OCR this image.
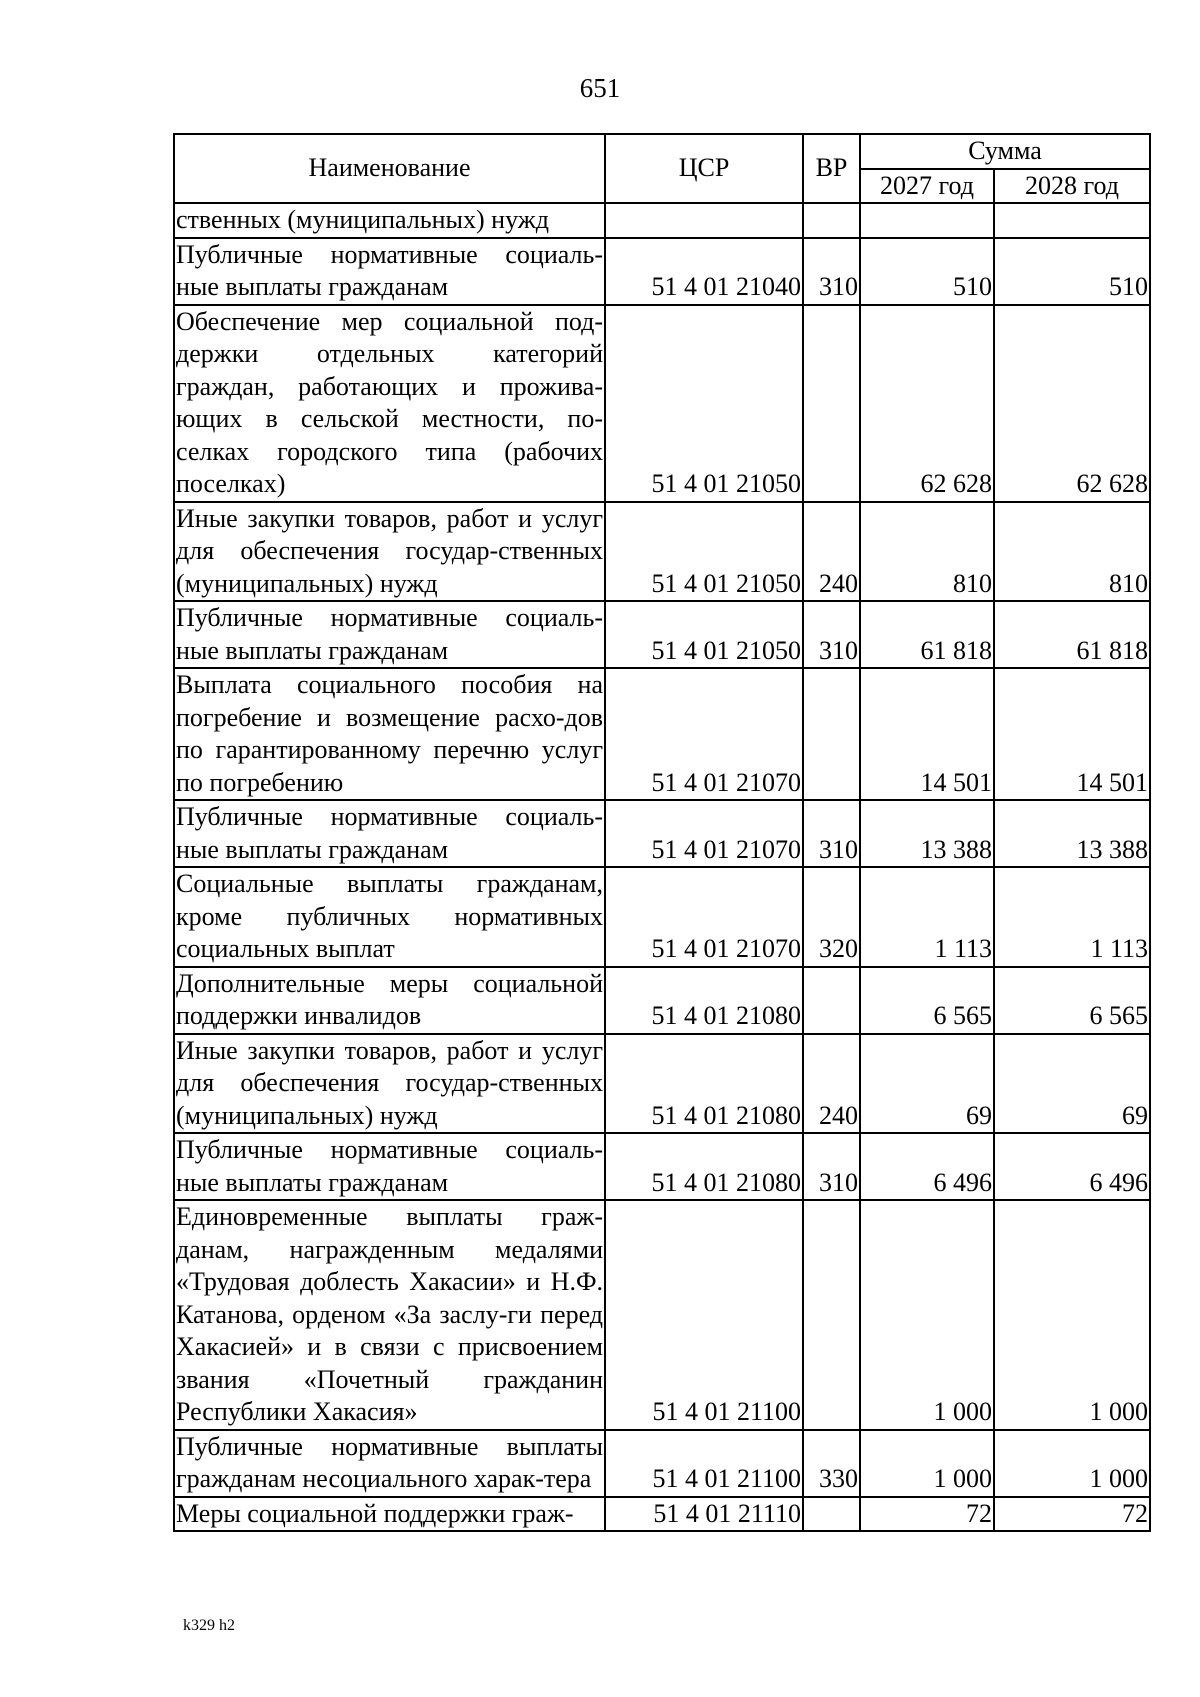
651
Наименование	ЦСР	ВР	Сумма	
			2027 год	2028 год
ственных (муниципальных) нужд				
Публичные нормативные социаль-ные выплаты гражданам	51 4 01 21040	310	510	510
Обеспечение мер социальной под-держки отдельных категорий граждан, работающих и прожива-ющих в сельской местности, по-селках городского типа (рабочих поселках)	51 4 01 21050		62 628	62 628
Иные закупки товаров, работ и услуг для обеспечения государ-ственных (муниципальных) нужд	51 4 01 21050	240	810	810
Публичные нормативные социаль-ные выплаты гражданам	51 4 01 21050	310	61 818	61 818
Выплата социального пособия на погребение и возмещение расхо-дов по гарантированному перечню услуг по погребению	51 4 01 21070		14 501	14 501
Публичные нормативные социаль-ные выплаты гражданам	51 4 01 21070	310	13 388	13 388
Социальные выплаты гражданам, кроме публичных нормативных социальных выплат	51 4 01 21070	320	1 113	1 113
Дополнительные меры социальной поддержки инвалидов	51 4 01 21080		6 565	6 565
Иные закупки товаров, работ и услуг для обеспечения государ-ственных (муниципальных) нужд	51 4 01 21080	240	69	69
Публичные нормативные социаль-ные выплаты гражданам	51 4 01 21080	310	6 496	6 496
Единовременные выплаты граж-данам, награжденным медалями «Трудовая доблесть Хакасии» и Н.Ф. Катанова, орденом «За заслу-ги перед Хакасией» и в связи с присвоением звания «Почетный гражданин Республики Хакасия»	51 4 01 21100		1 000	1 000
Публичные нормативные выплаты гражданам несоциального харак-тера	51 4 01 21100	330	1 000	1 000
Меры социальной поддержки граж-	51 4 01 21110		72	72
k329 h2
